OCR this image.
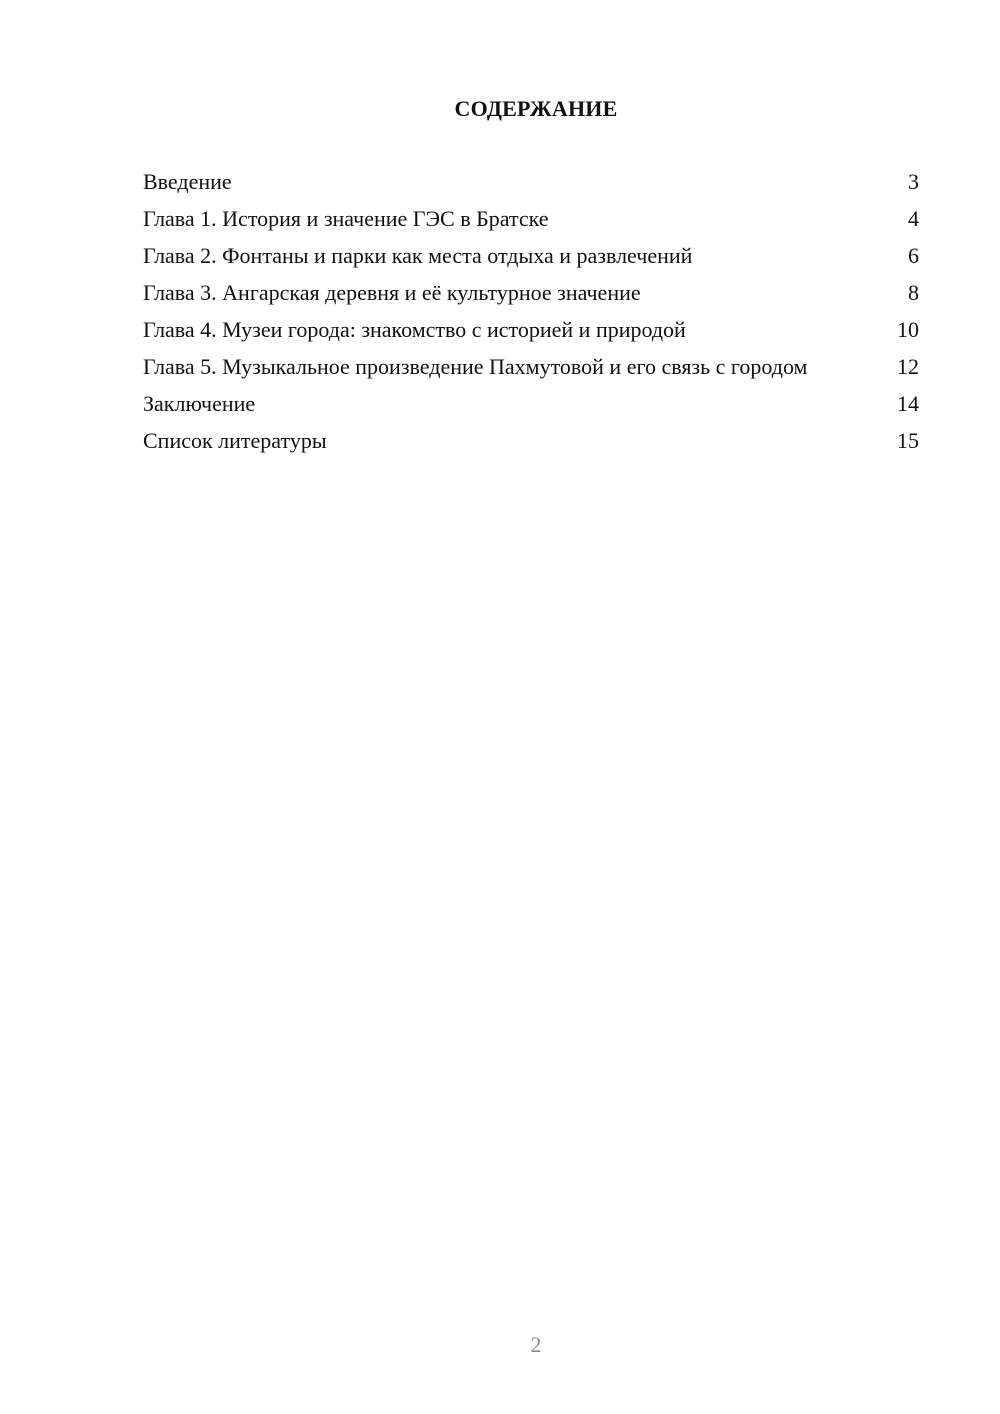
СОДЕРЖАНИЕ
Введение	3
Глава 1. История и значение ГЭС в Братске	4
Глава 2. Фонтаны и парки как места отдыха и развлечений	6
Глава 3. Ангарская деревня и её культурное значение	8
Глава 4. Музеи города: знакомство с историей и природой	10
Глава 5. Музыкальное произведение Пахмутовой и его связь с городом	12
Заключение	14
Список литературы	15
2
